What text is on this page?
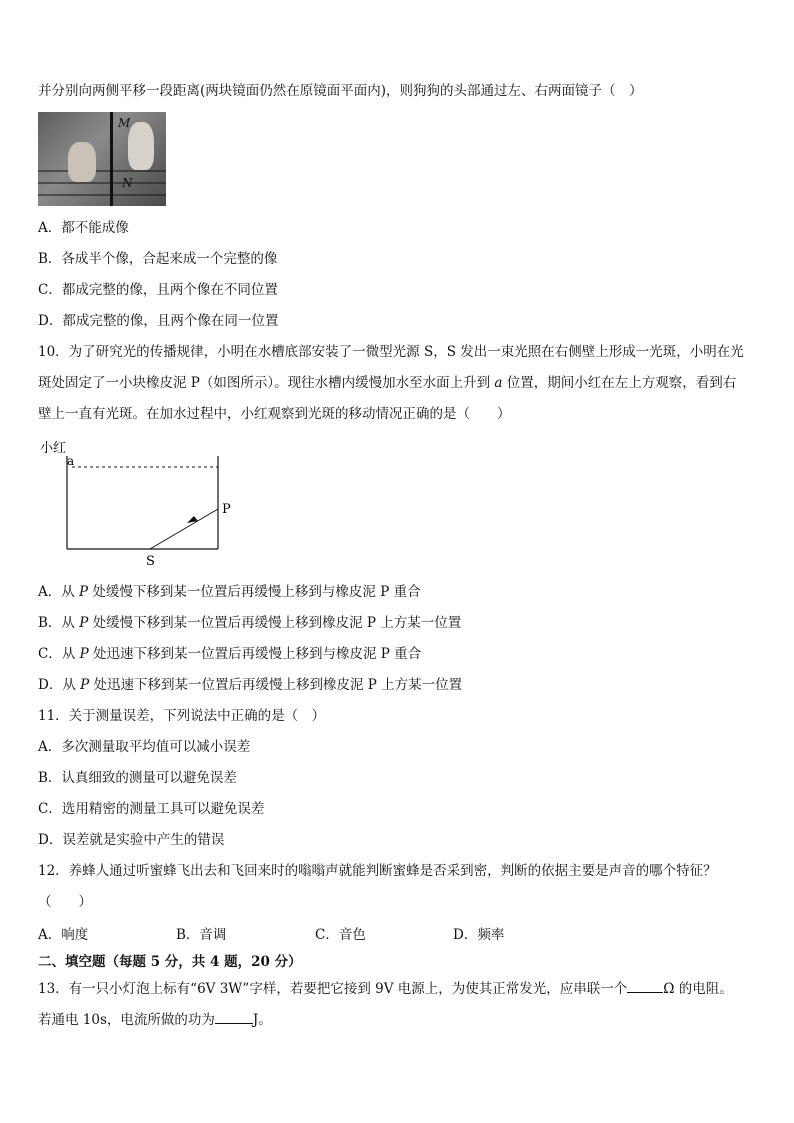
并分别向两侧平移一段距离(两块镜面仍然在原镜面平面内)，则狗狗的头部通过左、右两面镜子（　）
M
N
A．都不能成像
B．各成半个像，合起来成一个完整的像
C．都成完整的像，且两个像在不同位置
D．都成完整的像，且两个像在同一位置
10．为了研究光的传播规律，小明在水槽底部安装了一微型光源 S，S 发出一束光照在右侧壁上形成一光斑，小明在光
斑处固定了一小块橡皮泥 P（如图所示）。现往水槽内缓慢加水至水面上升到 a 位置，期间小红在左上方观察，看到右
壁上一直有光斑。在加水过程中，小红观察到光斑的移动情况正确的是（　　）
小红
a
P
S
A．从 P 处缓慢下移到某一位置后再缓慢上移到与橡皮泥 P 重合
B．从 P 处缓慢下移到某一位置后再缓慢上移到橡皮泥 P 上方某一位置
C．从 P 处迅速下移到某一位置后再缓慢上移到与橡皮泥 P 重合
D．从 P 处迅速下移到某一位置后再缓慢上移到橡皮泥 P 上方某一位置
11．关于测量误差，下列说法中正确的是（　）
A．多次测量取平均值可以减小误差
B．认真细致的测量可以避免误差
C．选用精密的测量工具可以避免误差
D．误差就是实验中产生的错误
12．养蜂人通过听蜜蜂飞出去和飞回来时的嗡嗡声就能判断蜜蜂是否采到密，判断的依据主要是声音的哪个特征？
（　　）
A．响度	B．音调	C．音色	D．频率
二、填空题（每题 5 分，共 4 题，20 分）
13．有一只小灯泡上标有“6V 3W”字样，若要把它接到 9V 电源上，为使其正常发光，应串联一个	Ω 的电阻。
若通电 10s，电流所做的功为	J。
